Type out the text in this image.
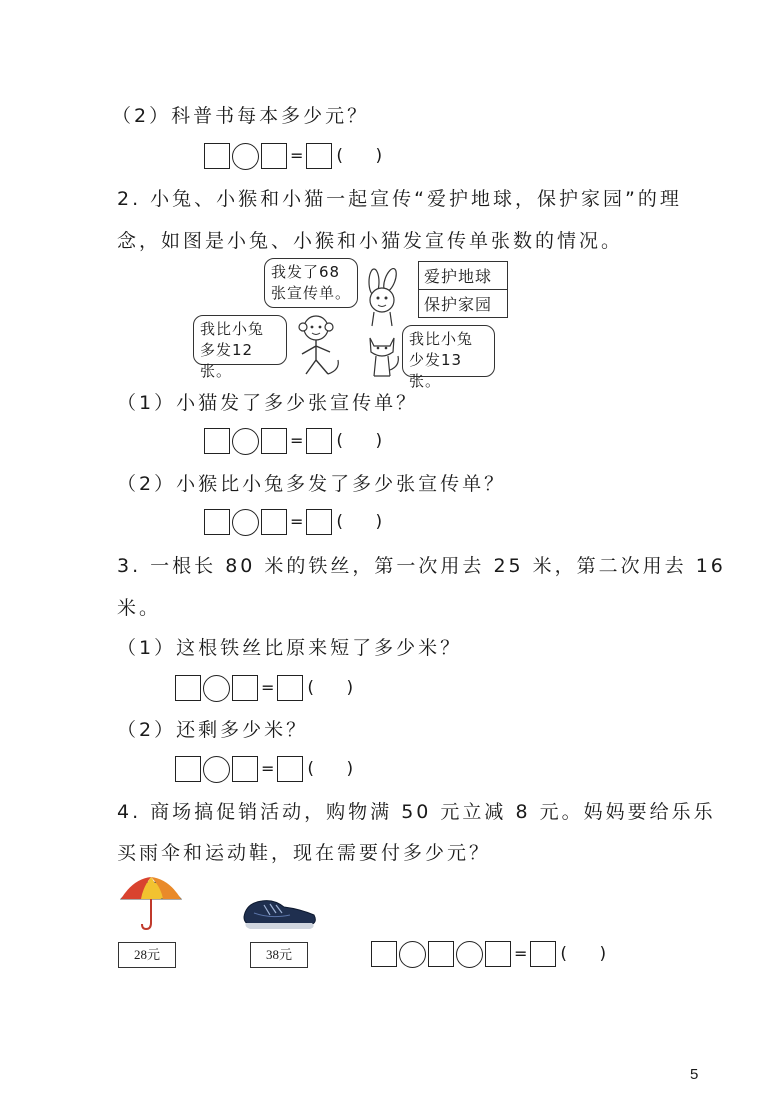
（2）科普书每本多少元？
= (      )
2. 小兔、小猴和小猫一起宣传“爱护地球，保护家园”的理
念，如图是小兔、小猴和小猫发宣传单张数的情况。
我发了68
张宣传单。
爱护地球
保护家园
我比小兔
多发12张。
我比小兔
少发13张。
（1）小猫发了多少张宣传单？
= (      )
（2）小猴比小兔多发了多少张宣传单？
= (      )
3. 一根长 80 米的铁丝，第一次用去 25 米，第二次用去 16
米。
（1）这根铁丝比原来短了多少米？
= (      )
（2）还剩多少米？
= (      )
4. 商场搞促销活动，购物满 50 元立减 8 元。妈妈要给乐乐
买雨伞和运动鞋，现在需要付多少元？
28元	38元	= (      )
5
